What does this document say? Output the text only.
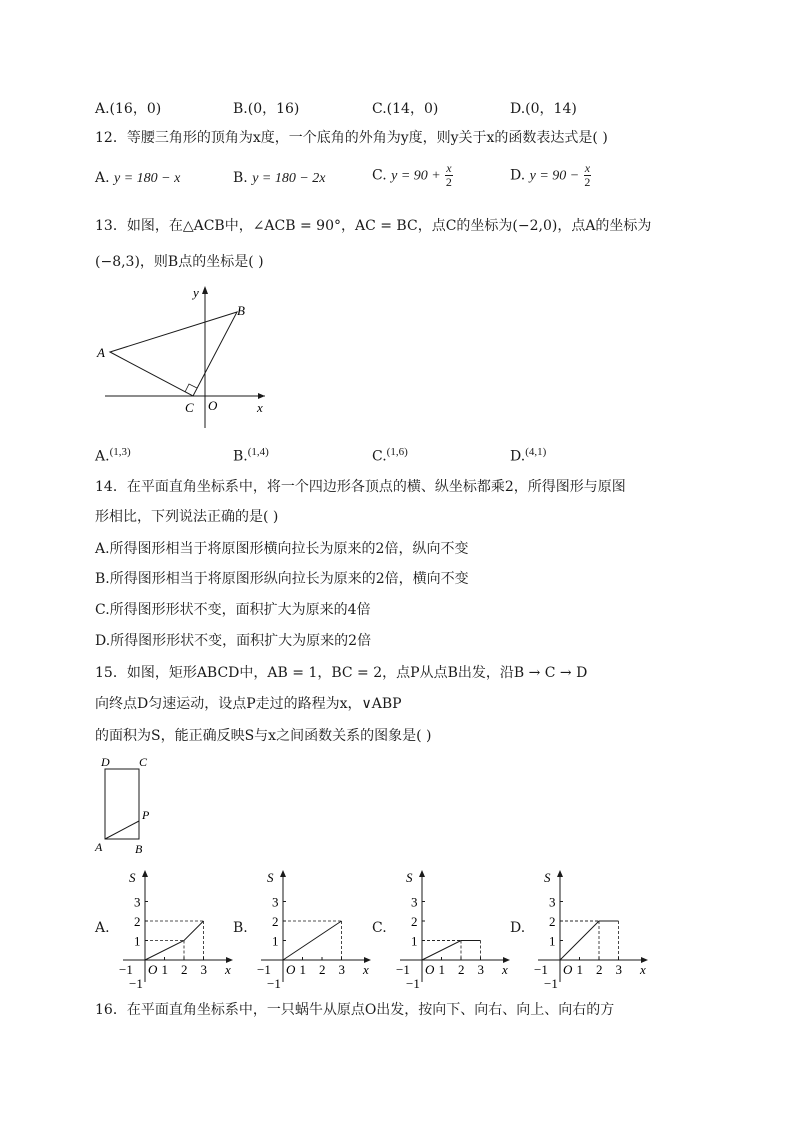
A.(16，0)	B.(0，16)	C.(14，0)	D.(0，14)
12．等腰三角形的顶角为x度，一个底角的外角为y度，则y关于x的函数表达式是( )
A. y = 180 − x	B. y = 180 − 2x	C. $y = 90 + \frac{x}{2}$	D. $y = 90 - \frac{x}{2}$
13．如图，在△ACB中，∠ACB = 90°，AC = BC，点C的坐标为(−2,0)，点A的坐标为
(−8,3)，则B点的坐标是( )
A
B
C O	x
y
A.$^{(1,3)}$	B.$^{(1,4)}$	C.$^{(1,6)}$	D.$^{(4,1)}$
14．在平面直角坐标系中，将一个四边形各顶点的横、纵坐标都乘2，所得图形与原图
形相比，下列说法正确的是( )
A.所得图形相当于将原图形横向拉长为原来的2倍，纵向不变
B.所得图形相当于将原图形纵向拉长为原来的2倍，横向不变
C.所得图形形状不变，面积扩大为原来的4倍
D.所得图形形状不变，面积扩大为原来的2倍
15．如图，矩形ABCD中，AB = 1，BC = 2，点P从点B出发，沿B → C → D
向终点D匀速运动，设点P走过的路程为x，∨ABP
的面积为S，能正确反映S与x之间函数关系的图象是( )
D C
P
A	B
A.
S
x
O
−1
−1
1 2 3
1
2
3
B.
S
x
O
−1
−1
1 2 3
1
2
3
C.
S
x
O
−1
−1
1 2 3
1
2
3
D.
S
x
O
−1
−1
1 2 3
1
2
3
16．在平面直角坐标系中，一只蜗牛从原点O出发，按向下、向右、向上、向右的方
